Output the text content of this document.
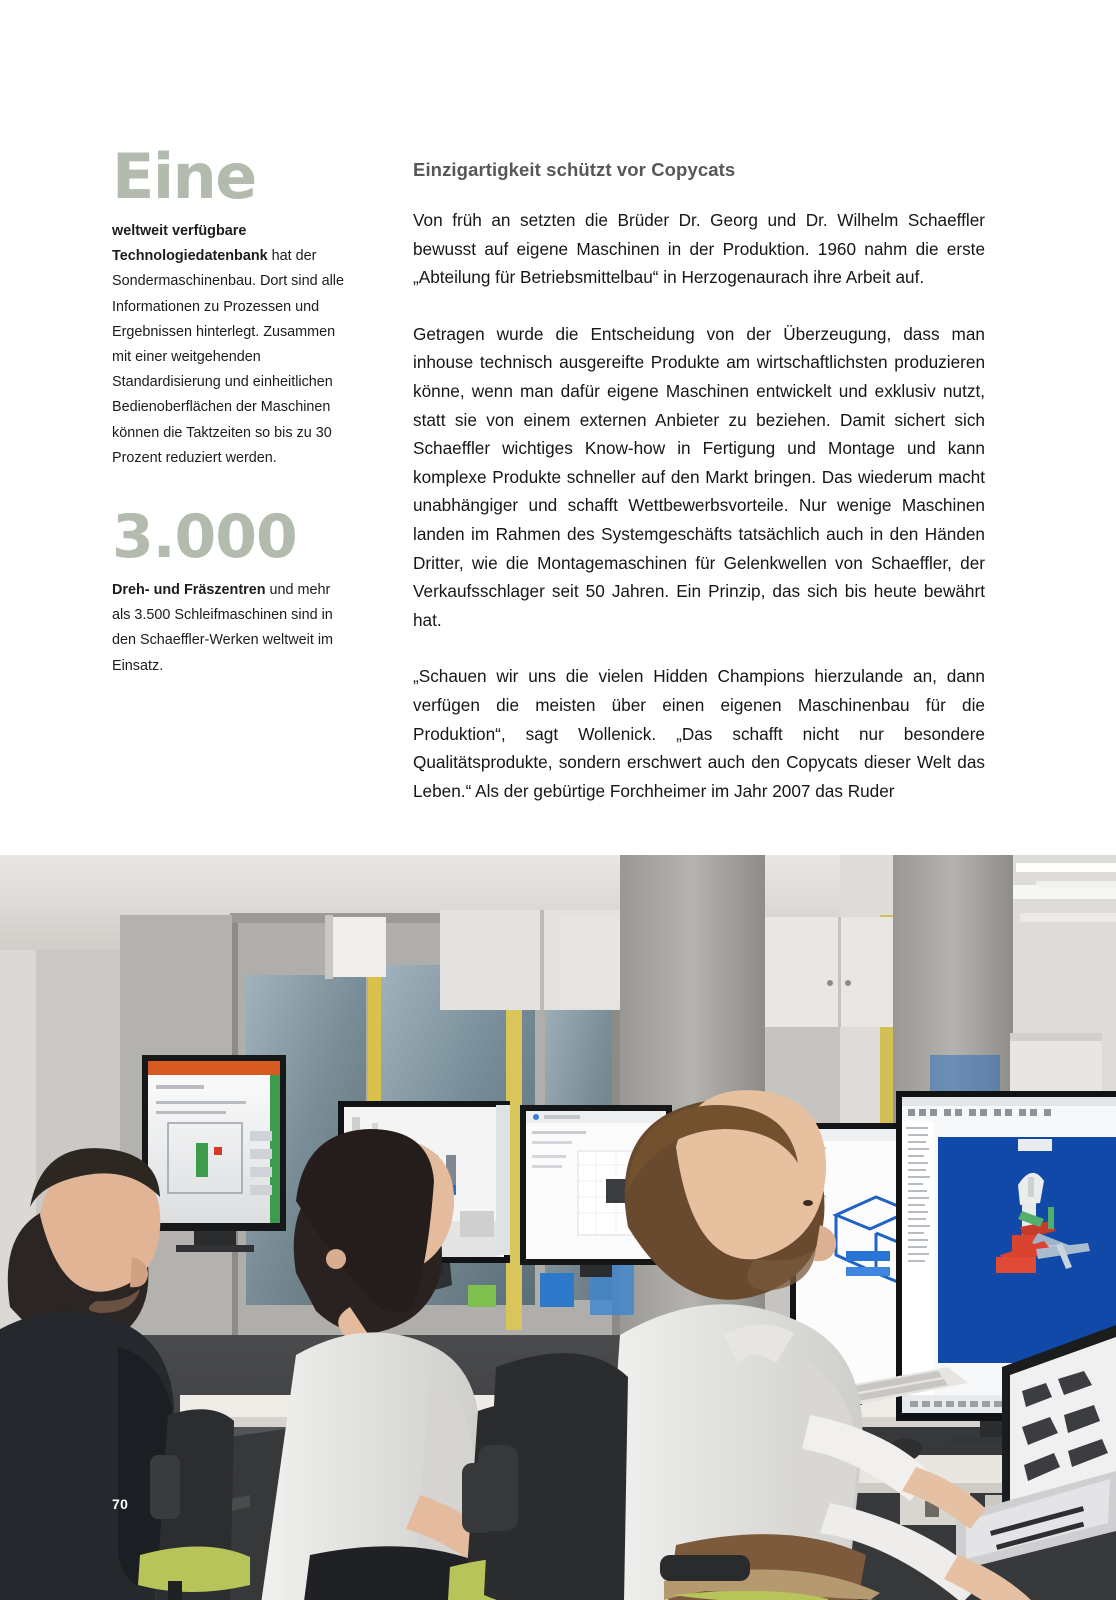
Eine

weltweit verfügbare Technologiedatenbank hat der Sondermaschinenbau. Dort sind alle Informationen zu Prozessen und Ergebnissen hinterlegt. Zusammen mit einer weitgehenden Standardisierung und einheitlichen Bedienoberflächen der Maschinen können die Taktzeiten so bis zu 30 Prozent reduziert werden.

3.000

Dreh- und Fräszentren und mehr als 3.500 Schleifmaschinen sind in den Schaeffler-Werken weltweit im Einsatz.

Einzigartigkeit schützt vor Copycats

Von früh an setzten die Brüder Dr. Georg und Dr. Wilhelm Schaeffler bewusst auf eigene Maschinen in der Produktion. 1960 nahm die erste „Abteilung für Betriebsmittelbau“ in Herzogenaurach ihre Arbeit auf.

Getragen wurde die Entscheidung von der Überzeugung, dass man inhouse technisch ausgereifte Produkte am wirtschaftlichsten produzieren könne, wenn man dafür eigene Maschinen entwickelt und exklusiv nutzt, statt sie von einem externen Anbieter zu beziehen. Damit sichert sich Schaeffler wichtiges Know-how in Fertigung und Montage und kann komplexe Produkte schneller auf den Markt bringen. Das wiederum macht unabhängiger und schafft Wettbewerbsvorteile. Nur wenige Maschinen landen im Rahmen des Systemgeschäfts tatsächlich auch in den Händen Dritter, wie die Montagemaschinen für Gelenkwellen von Schaeffler, der Verkaufsschlager seit 50 Jahren. Ein Prinzip, das sich bis heute bewährt hat.

„Schauen wir uns die vielen Hidden Champions hierzulande an, dann verfügen die meisten über einen eigenen Maschinenbau für die Produktion“, sagt Wollenick. „Das schafft nicht nur besondere Qualitätsprodukte, sondern erschwert auch den Copycats dieser Welt das Leben.“ Als der gebürtige Forchheimer im Jahr 2007 das Ruder

70
